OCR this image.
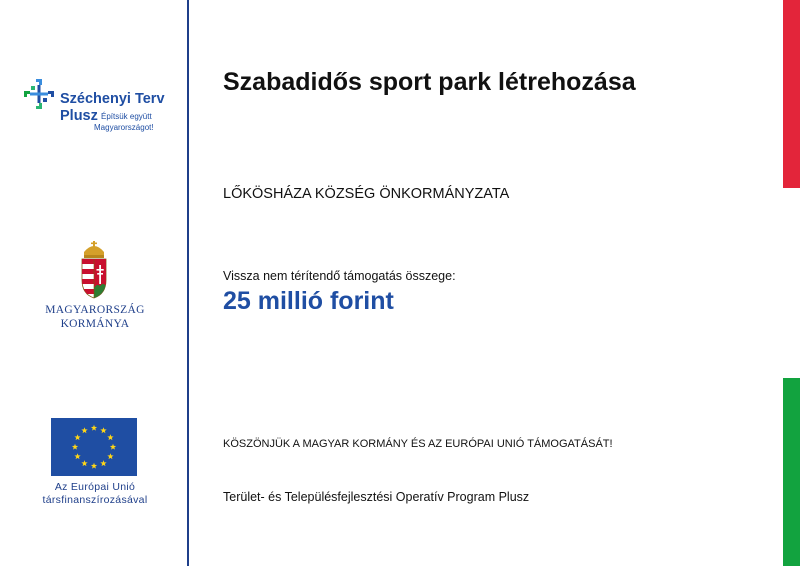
Széchenyi Terv
Plusz Építsük együtt
Magyarországot!
MAGYARORSZÁG
KORMÁNYA
Az Európai Unió
társfinanszírozásával
Szabadidős sport park létrehozása
LŐKÖSHÁZA KÖZSÉG ÖNKORMÁNYZATA
Vissza nem térítendő támogatás összege:
25 millió forint
KÖSZÖNJÜK A MAGYAR KORMÁNY ÉS AZ EURÓPAI UNIÓ TÁMOGATÁSÁT!
Terület- és Településfejlesztési Operatív Program Plusz
